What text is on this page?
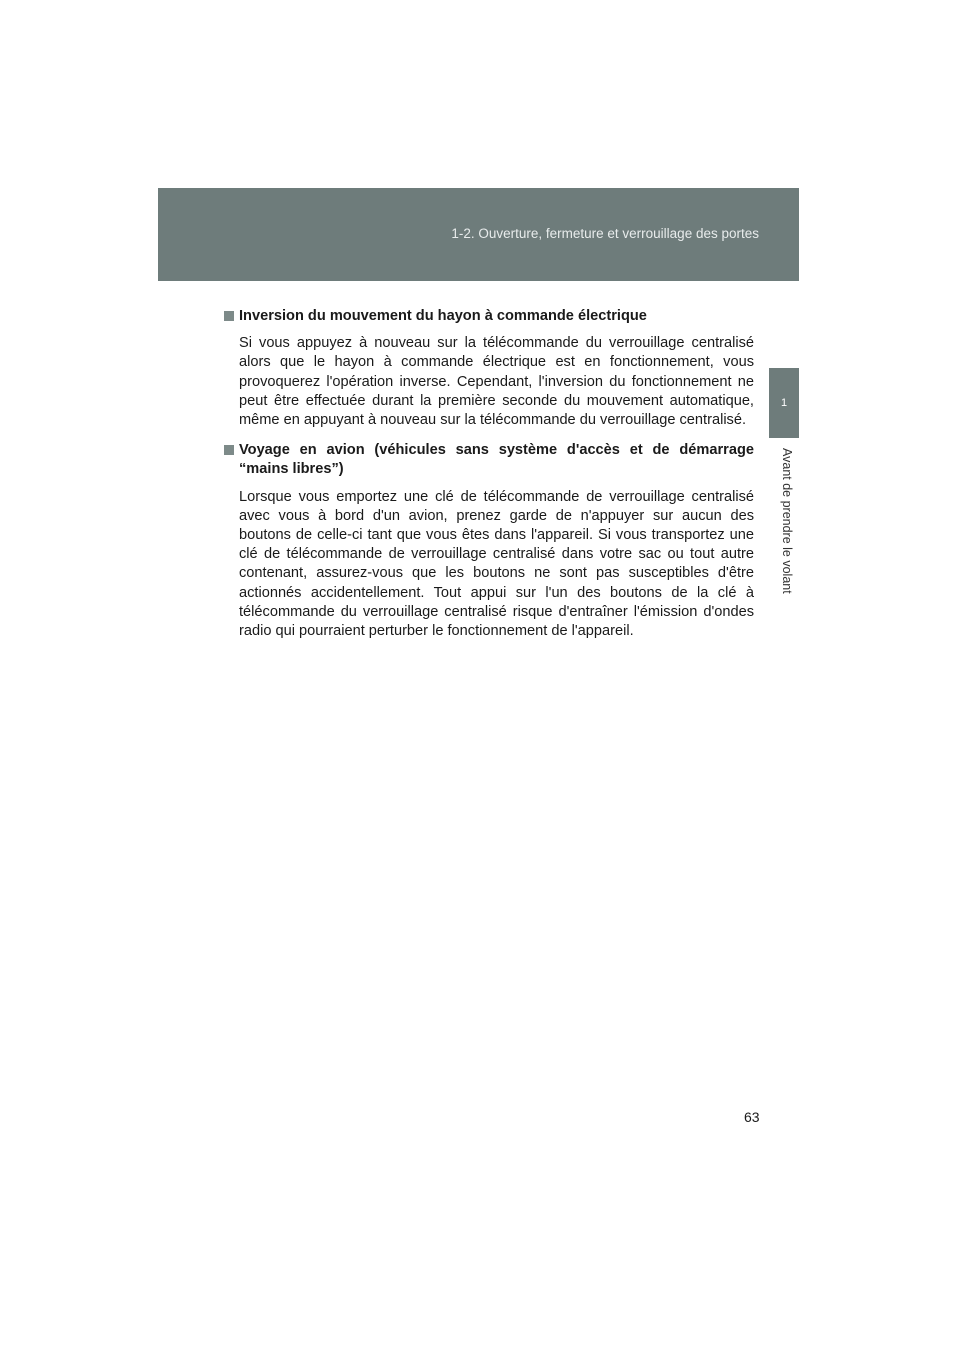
1-2. Ouverture, fermeture et verrouillage des portes
1
Avant de prendre le volant
Inversion du mouvement du hayon à commande électrique
Si vous appuyez à nouveau sur la télécommande du verrouillage centralisé alors que le hayon à commande électrique est en fonctionnement, vous provoquerez l'opération inverse. Cependant, l'inversion du fonctionnement ne peut être effectuée durant la première seconde du mouvement automatique, même en appuyant à nouveau sur la télécommande du verrouillage centralisé.
Voyage en avion (véhicules sans système d'accès et de démarrage “mains libres”)
Lorsque vous emportez une clé de télécommande de verrouillage centralisé avec vous à bord d'un avion, prenez garde de n'appuyer sur aucun des boutons de celle-ci tant que vous êtes dans l'appareil. Si vous transportez une clé de télécommande de verrouillage centralisé dans votre sac ou tout autre contenant, assurez-vous que les boutons ne sont pas susceptibles d'être actionnés accidentellement. Tout appui sur l'un des boutons de la clé à télécommande du verrouillage centralisé risque d'entraîner l'émission d'ondes radio qui pourraient perturber le fonctionnement de l'appareil.
63
